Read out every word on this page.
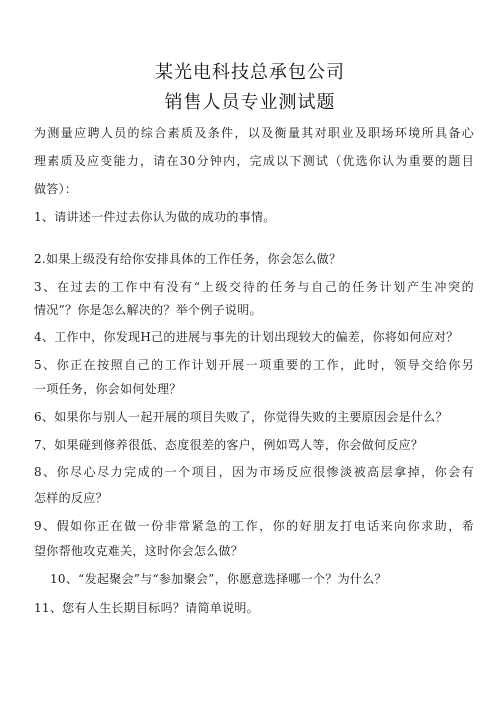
某光电科技总承包公司
销售人员专业测试题
为测量应聘人员的综合素质及条件，以及衡量其对职业及职场环境所具备心
理素质及应变能力，请在30分钟内，完成以下测试（优选你认为重要的题目
做答）：
1、请讲述一件过去你认为做的成功的事情。
2.如果上级没有给你安排具体的工作任务，你会怎么做？
3、在过去的工作中有没有“上级交待的任务与自己的任务计划产生冲突的
情况”？你是怎么解决的？举个例子说明。
4、工作中，你发现H己的进展与事先的计划出现较大的偏差，你将如何应对？
5、你正在按照自己的工作计划开展一项重要的工作，此时，领导交给你另
一项任务，你会如何处理？
6、如果你与别人一起开展的项目失败了，你觉得失败的主要原因会是什么？
7、如果碰到修养很低、态度很差的客户，例如骂人等，你会做何反应？
8、你尽心尽力完成的一个项目，因为市场反应很惨淡被高层拿掉，你会有
怎样的反应？
9、假如你正在做一份非常紧急的工作，你的好朋友打电话来向你求助，希
望你帮他攻克难关，这时你会怎么做？
10、“发起聚会”与“参加聚会”，你愿意选择哪一个？为什么？
11、您有人生长期目标吗？请简单说明。
